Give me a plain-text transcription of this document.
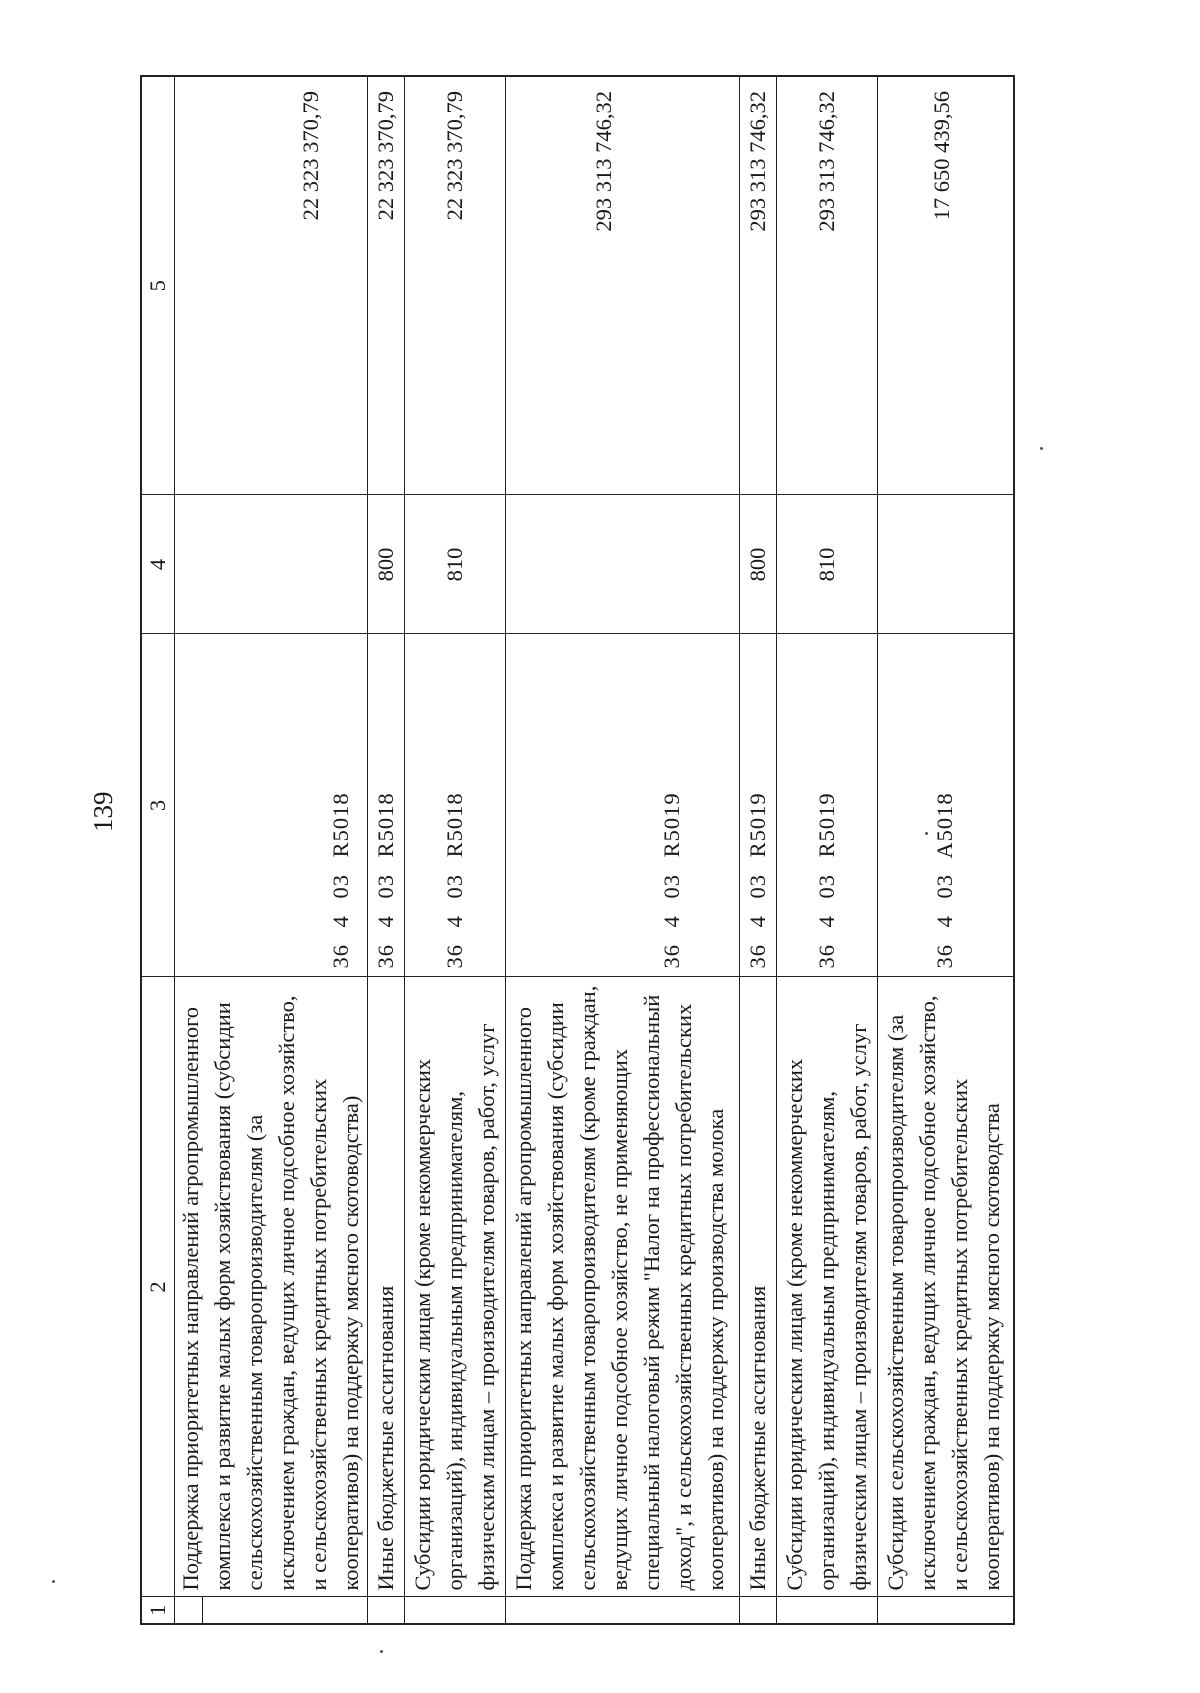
139
1	2	3	4	5
	Поддержка приоритетных направлений агропромышленного комплекса и развитие малых форм хозяйствования (субсидии сельскохозяйственным товаропроизводителям (за исключением граждан, ведущих личное подсобное хозяйство, и сельскохозяйственных кредитных потребительских кооперативов) на поддержку мясного скотоводства)	36 4 03 R5018		22 323 370,79

	Иные бюджетные ассигнования	36 4 03 R5018	800	22 323 370,79
	Субсидии юридическим лицам (кроме некоммерческих организаций), индивидуальным предпринимателям, физическим лицам – производителям товаров, работ, услуг	36 4 03 R5018	810	22 323 370,79
	Поддержка приоритетных направлений агропромышленного комплекса и развитие малых форм хозяйствования (субсидии сельскохозяйственным товаропроизводителям (кроме граждан, ведущих личное подсобное хозяйство, не применяющих специальный налоговый режим "Налог на профессиональный доход", и сельскохозяйственных кредитных потребительских кооперативов) на поддержку производства молока	36 4 03 R5019		293 313 746,32
	Иные бюджетные ассигнования	36 4 03 R5019	800	293 313 746,32
	Субсидии юридическим лицам (кроме некоммерческих организаций), индивидуальным предпринимателям, физическим лицам – производителям товаров, работ, услуг	36 4 03 R5019	810	293 313 746,32
	Субсидии сельскохозяйственным товаропроизводителям (за исключением граждан, ведущих личное подсобное хозяйство, и сельскохозяйственных кредитных потребительских кооперативов) на поддержку мясного скотоводства	36 4 03 A5018		17 650 439,56
